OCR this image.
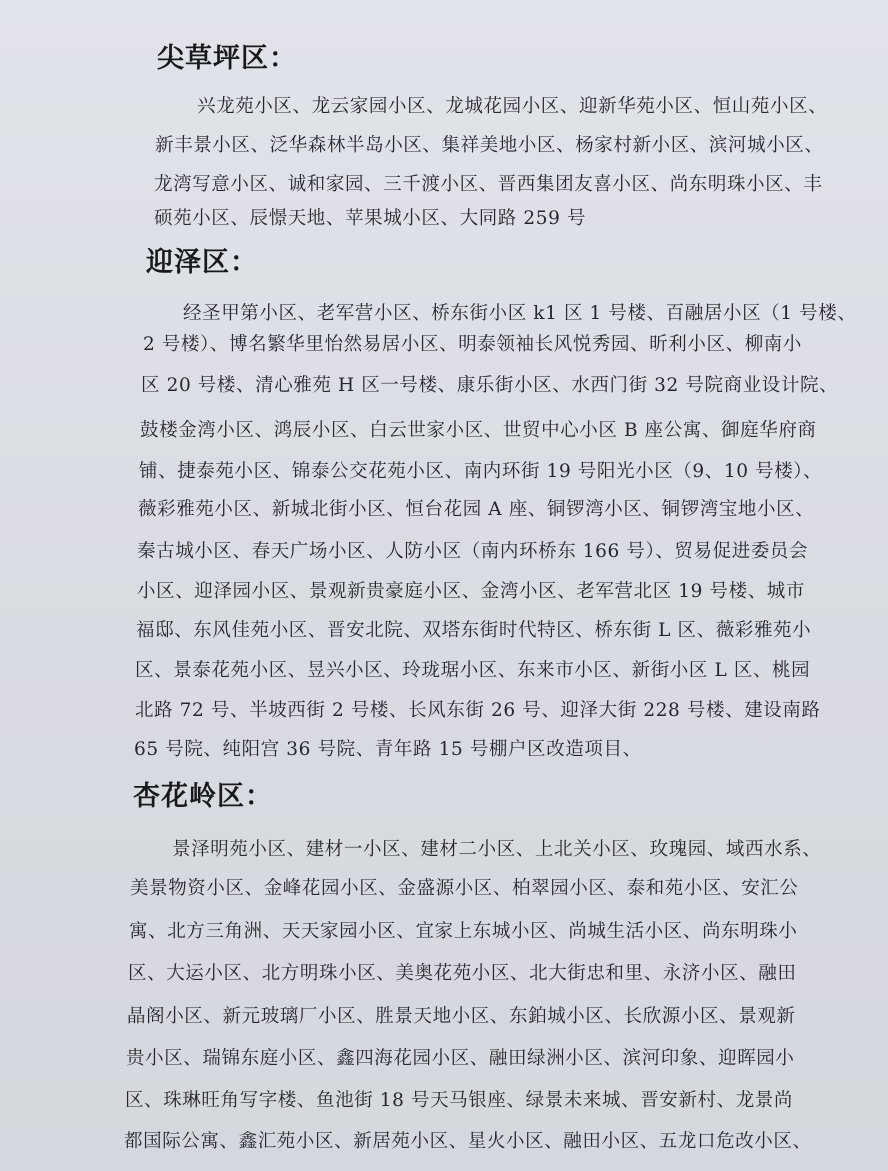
尖草坪区：
兴龙苑小区、龙云家园小区、龙城花园小区、迎新华苑小区、恒山苑小区、
新丰景小区、泛华森林半岛小区、集祥美地小区、杨家村新小区、滨河城小区、
龙湾写意小区、诚和家园、三千渡小区、晋西集团友喜小区、尚东明珠小区、丰
硕苑小区、辰憬天地、苹果城小区、大同路 259 号
迎泽区：
经圣甲第小区、老军营小区、桥东街小区 k1 区 1 号楼、百融居小区（1 号楼、
2 号楼）、博名繁华里怡然易居小区、明泰领袖长风悦秀园、昕利小区、柳南小
区 20 号楼、清心雅苑 H 区一号楼、康乐街小区、水西门街 32 号院商业设计院、
鼓楼金湾小区、鸿辰小区、白云世家小区、世贸中心小区 B 座公寓、御庭华府商
铺、捷泰苑小区、锦泰公交花苑小区、南内环街 19 号阳光小区（9、10 号楼）、
薇彩雅苑小区、新城北街小区、恒台花园 A 座、铜锣湾小区、铜锣湾宝地小区、
秦古城小区、春天广场小区、人防小区（南内环桥东 166 号）、贸易促进委员会
小区、迎泽园小区、景观新贵豪庭小区、金湾小区、老军营北区 19 号楼、城市
福邸、东风佳苑小区、晋安北院、双塔东街时代特区、桥东街 L 区、薇彩雅苑小
区、景泰花苑小区、昱兴小区、玲珑琚小区、东来市小区、新街小区 L 区、桃园
北路 72 号、半坡西街 2 号楼、长风东街 26 号、迎泽大街 228 号楼、建设南路
65 号院、纯阳宫 36 号院、青年路 15 号棚户区改造项目、
杏花岭区：
景泽明苑小区、建材一小区、建材二小区、上北关小区、玫瑰园、域西水系、
美景物资小区、金峰花园小区、金盛源小区、柏翠园小区、泰和苑小区、安汇公
寓、北方三角洲、天天家园小区、宜家上东城小区、尚城生活小区、尚东明珠小
区、大运小区、北方明珠小区、美奥花苑小区、北大街忠和里、永济小区、融田
晶阁小区、新元玻璃厂小区、胜景天地小区、东鉑城小区、长欣源小区、景观新
贵小区、瑞锦东庭小区、鑫四海花园小区、融田绿洲小区、滨河印象、迎晖园小
区、珠琳旺角写字楼、鱼池街 18 号天马银座、绿景未来城、晋安新村、龙景尚
都国际公寓、鑫汇苑小区、新居苑小区、星火小区、融田小区、五龙口危改小区、
